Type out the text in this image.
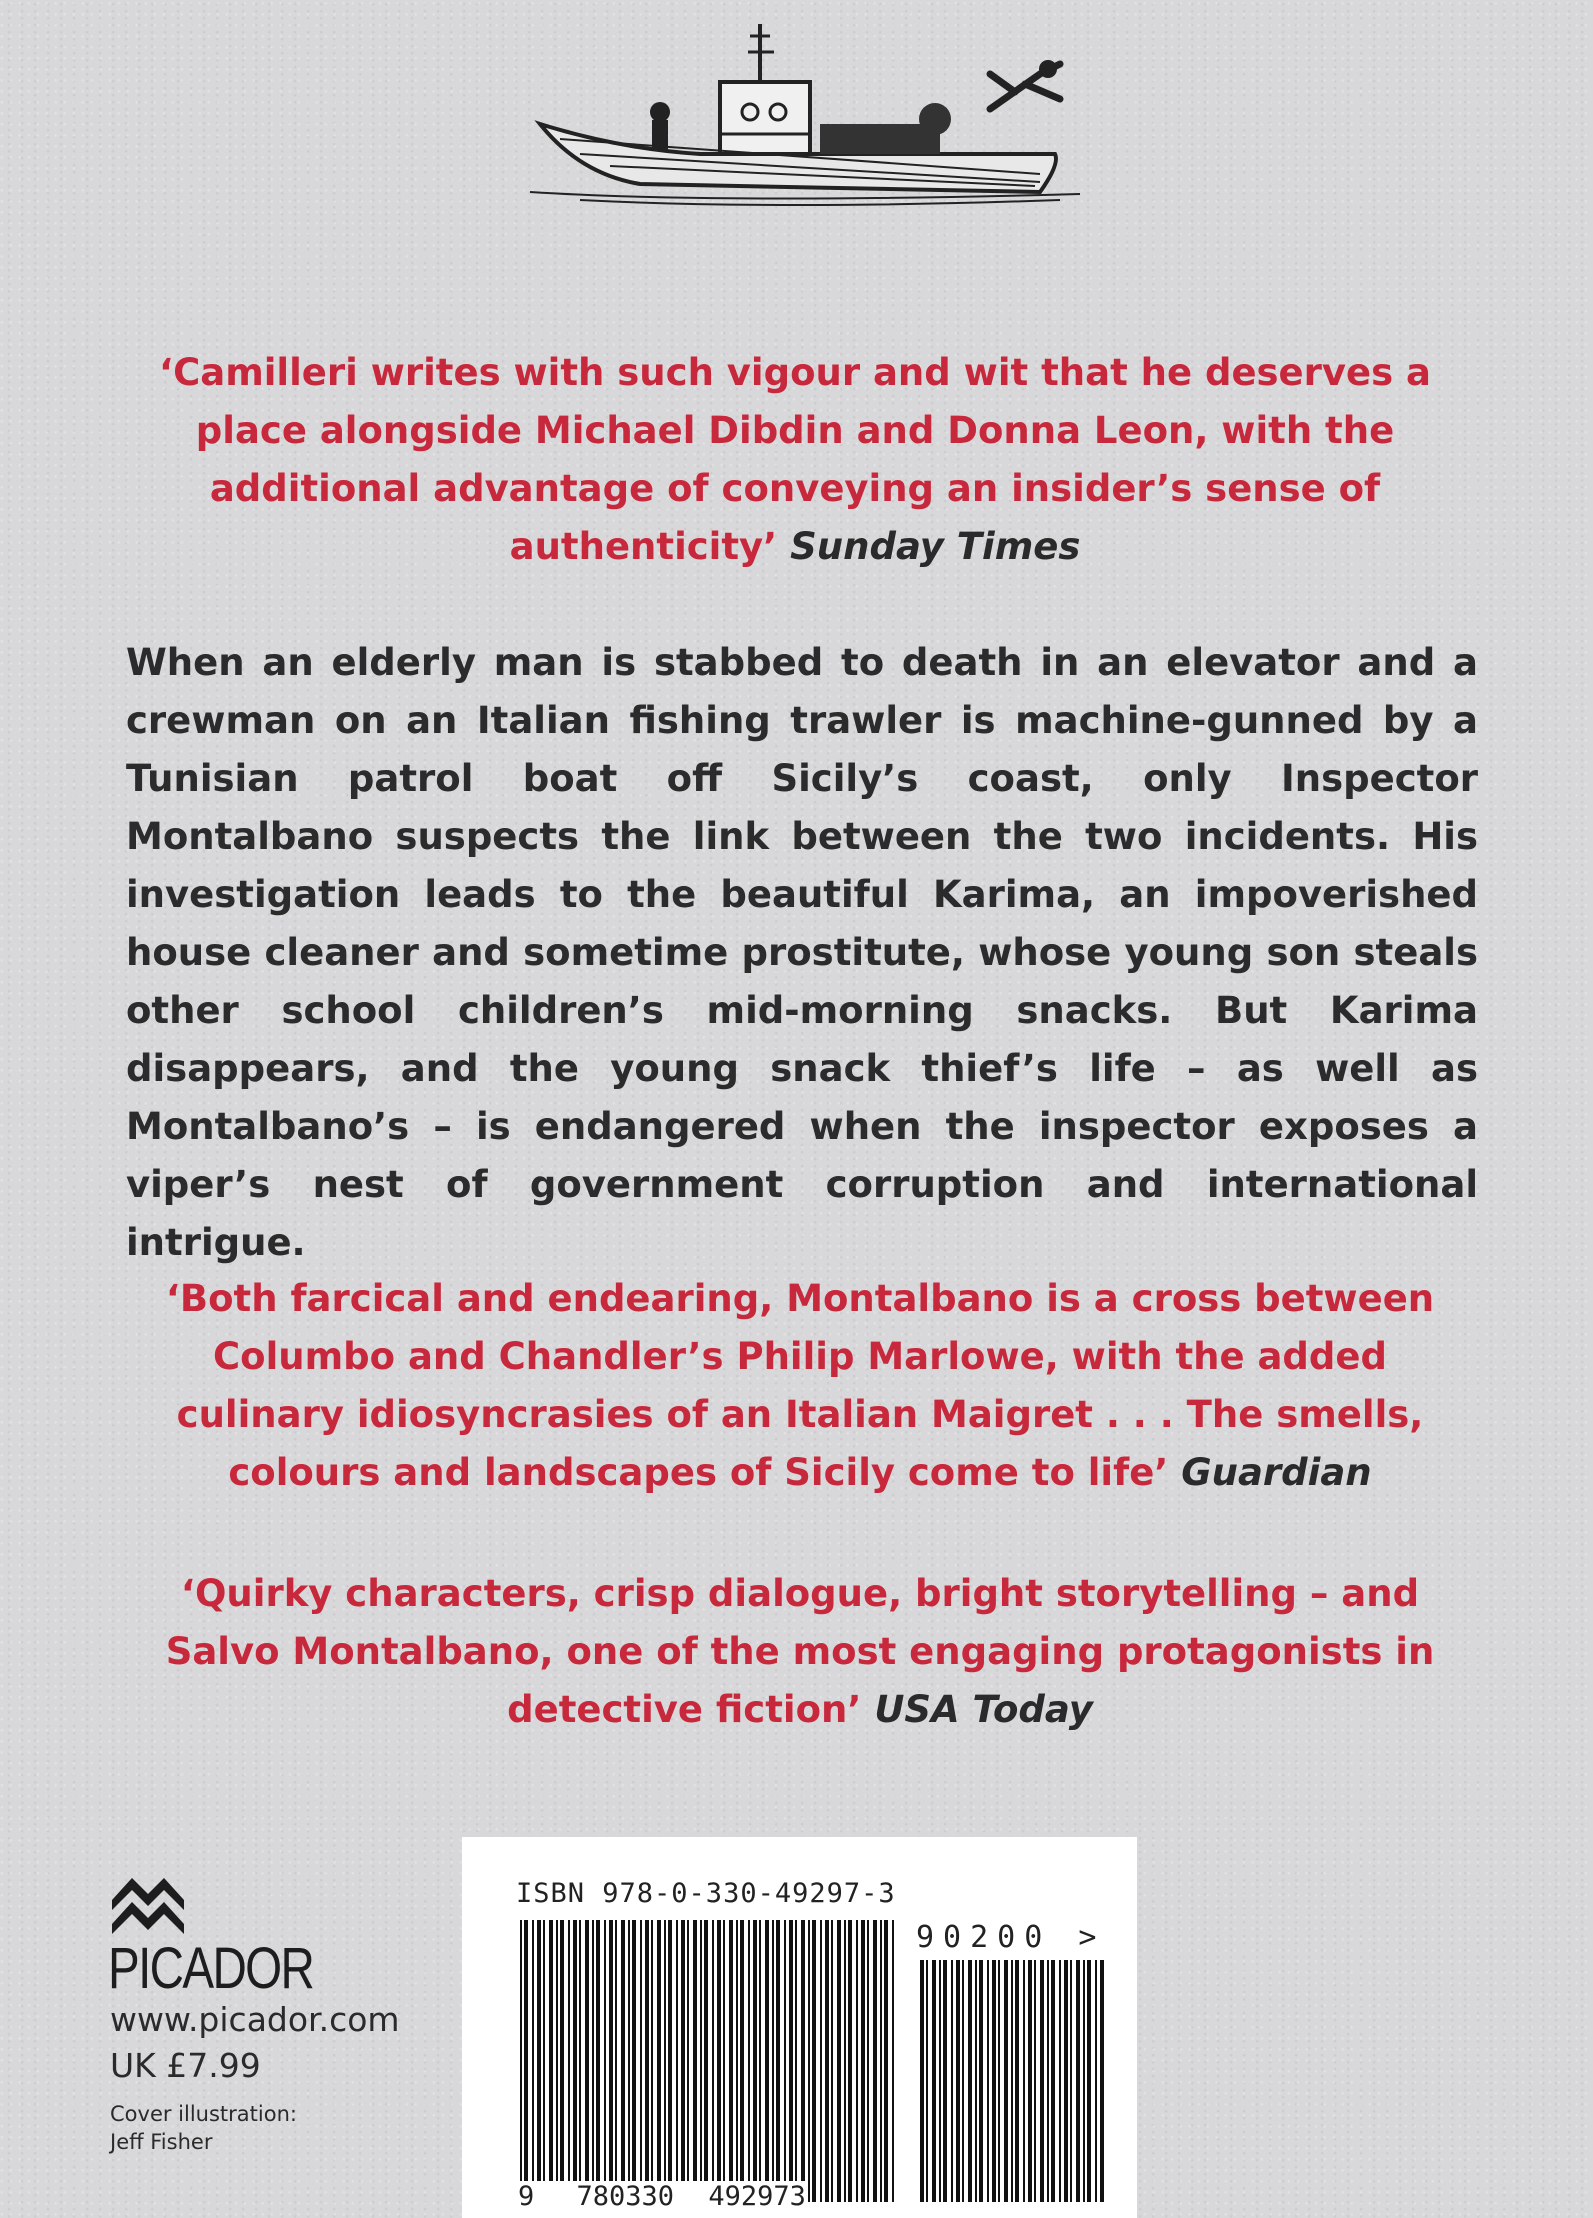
‘Camilleri writes with such vigour and wit that he deserves a place alongside Michael Dibdin and Donna Leon, with the additional advantage of conveying an insider’s sense of authenticity’ Sunday Times
When an elderly man is stabbed to death in an elevator and a crewman on an Italian fishing trawler is machine-gunned by a Tunisian patrol boat off Sicily’s coast, only Inspector Montalbano suspects the link between the two incidents. His investigation leads to the beautiful Karima, an impoverished house cleaner and sometime prostitute, whose young son steals other school children’s mid-morning snacks. But Karima disappears, and the young snack thief’s life – as well as Montalbano’s – is endangered when the inspector exposes a viper’s nest of government corruption and international intrigue.
‘Both farcical and endearing, Montalbano is a cross between Columbo and Chandler’s Philip Marlowe, with the added culinary idiosyncrasies of an Italian Maigret . . . The smells, colours and landscapes of Sicily come to life’ Guardian
‘Quirky characters, crisp dialogue, bright storytelling – and Salvo Montalbano, one of the most engaging protagonists in detective fiction’ USA Today
PICADOR
www.picador.com
UK £7.99
Cover illustration:
Jeff Fisher
ISBN 978-0-330-49297-3
90200 >
9 780330 492973
